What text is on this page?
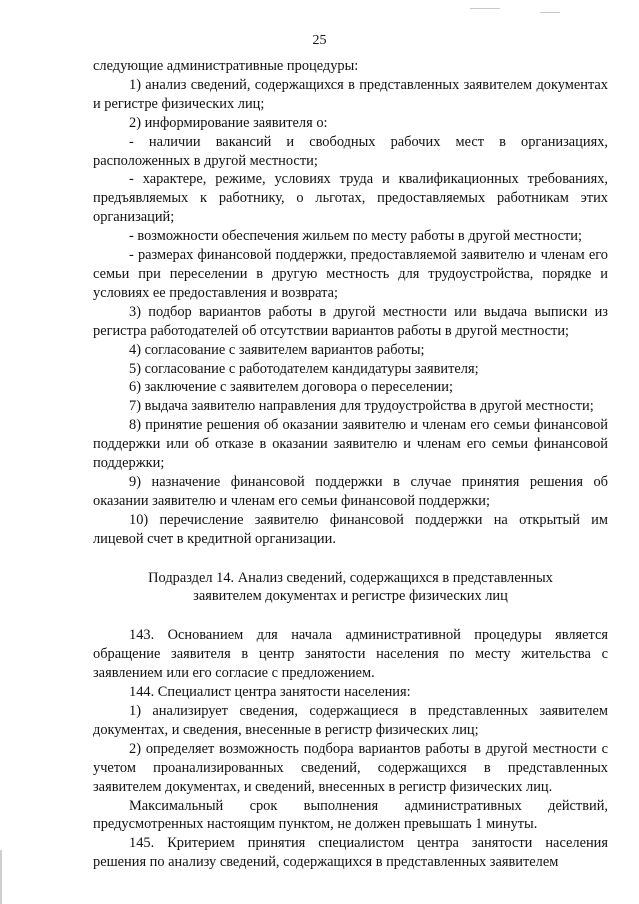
25

следующие административные процедуры:

1) анализ сведений, содержащихся в представленных заявителем документах и регистре физических лиц;

2) информирование заявителя о:

- наличии вакансий и свободных рабочих мест в организациях, расположенных в другой местности;

- характере, режиме, условиях труда и квалификационных требованиях, предъявляемых к работнику, о льготах, предоставляемых работникам этих организаций;

- возможности обеспечения жильем по месту работы в другой местности;

- размерах финансовой поддержки, предоставляемой заявителю и членам его семьи при переселении в другую местность для трудоустройства, порядке и условиях ее предоставления и возврата;

3) подбор вариантов работы в другой местности или выдача выписки из регистра работодателей об отсутствии вариантов работы в другой местности;

4) согласование с заявителем вариантов работы;

5) согласование с работодателем кандидатуры заявителя;

6) заключение с заявителем договора о переселении;

7) выдача заявителю направления для трудоустройства в другой местности;

8) принятие решения об оказании заявителю и членам его семьи финансовой поддержки или об отказе в оказании заявителю и членам его семьи финансовой поддержки;

9) назначение финансовой поддержки в случае принятия решения об оказании заявителю и членам его семьи финансовой поддержки;

10) перечисление заявителю финансовой поддержки на открытый им лицевой счет в кредитной организации.

Подраздел 14. Анализ сведений, содержащихся в представленных заявителем документах и регистре физических лиц

143. Основанием для начала административной процедуры является обращение заявителя в центр занятости населения по месту жительства с заявлением или его согласие с предложением.

144. Специалист центра занятости населения:

1) анализирует сведения, содержащиеся в представленных заявителем документах, и сведения, внесенные в регистр физических лиц;

2) определяет возможность подбора вариантов работы в другой местности с учетом проанализированных сведений, содержащихся в представленных заявителем документах, и сведений, внесенных в регистр физических лиц.

Максимальный срок выполнения административных действий, предусмотренных настоящим пунктом, не должен превышать 1 минуты.

145. Критерием принятия специалистом центра занятости населения решения по анализу сведений, содержащихся в представленных заявителем
